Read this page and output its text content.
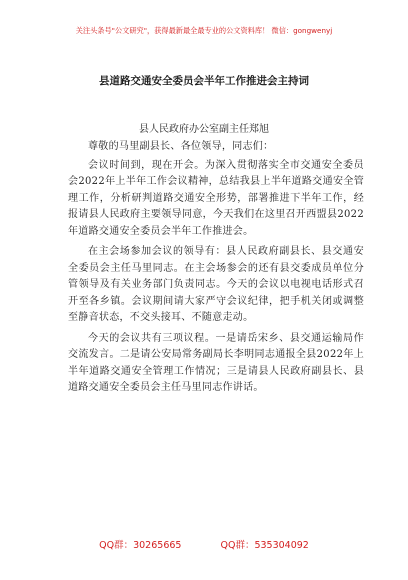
关注头条号"公文研究"，获得最新最全最专业的公文资料库！ 微信：gongwenyj
县道路交通安全委员会半年工作推进会主持词
县人民政府办公室副主任郑旭

尊敬的马里副县长、各位领导，同志们：

会议时间到，现在开会。为深入贯彻落实全市交通安全委员会2022年上半年工作会议精神，总结我县上半年道路交通安全管理工作，分析研判道路交通安全形势，部署推进下半年工作，经报请县人民政府主要领导同意，今天我们在这里召开西盟县2022年道路交通安全委员会半年工作推进会。

在主会场参加会议的领导有：县人民政府副县长、县交通安全委员会主任马里同志。在主会场参会的还有县交委成员单位分管领导及有关业务部门负责同志。今天的会议以电视电话形式召开至各乡镇。会议期间请大家严守会议纪律，把手机关闭或调整至静音状态，不交头接耳、不随意走动。

今天的会议共有三项议程。一是请岳宋乡、县交通运输局作交流发言。二是请公安局常务副局长李明同志通报全县2022年上半年道路交通安全管理工作情况；三是请县人民政府副县长、县道路交通安全委员会主任马里同志作讲话。

QQ群：30265665	QQ群：535304092
